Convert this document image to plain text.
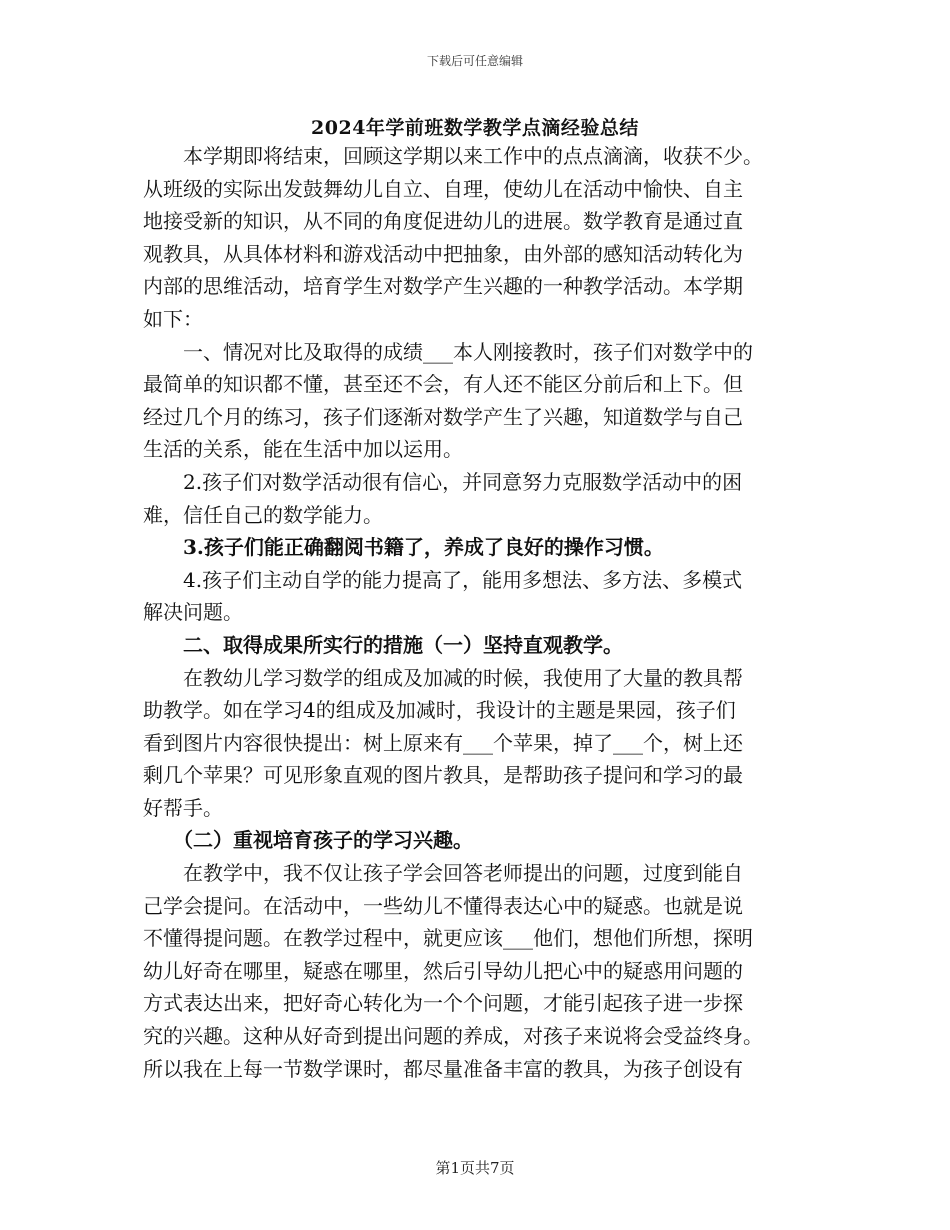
下载后可任意编辑
2024年学前班数学教学点滴经验总结
　　本学期即将结束，回顾这学期以来工作中的点点滴滴，收获不少。
从班级的实际出发鼓舞幼儿自立、自理，使幼儿在活动中愉快、自主
地接受新的知识，从不同的角度促进幼儿的进展。数学教育是通过直
观教具，从具体材料和游戏活动中把抽象，由外部的感知活动转化为
内部的思维活动，培育学生对数学产生兴趣的一种教学活动。本学期
如下：
　　一、情况对比及取得的成绩___本人刚接教时，孩子们对数学中的
最简单的知识都不懂，甚至还不会，有人还不能区分前后和上下。但
经过几个月的练习，孩子们逐渐对数学产生了兴趣，知道数学与自己
生活的关系，能在生活中加以运用。
　　2.孩子们对数学活动很有信心，并同意努力克服数学活动中的困
难，信任自己的数学能力。
　　3.孩子们能正确翻阅书籍了，养成了良好的操作习惯。
　　4.孩子们主动自学的能力提高了，能用多想法、多方法、多模式
解决问题。
　　二、取得成果所实行的措施（一）坚持直观教学。
　　在教幼儿学习数学的组成及加减的时候，我使用了大量的教具帮
助教学。如在学习4的组成及加减时，我设计的主题是果园，孩子们
看到图片内容很快提出：树上原来有___个苹果，掉了___个，树上还
剩几个苹果？可见形象直观的图片教具，是帮助孩子提问和学习的最
好帮手。
　　（二）重视培育孩子的学习兴趣。
　　在教学中，我不仅让孩子学会回答老师提出的问题，过度到能自
己学会提问。在活动中，一些幼儿不懂得表达心中的疑惑。也就是说
不懂得提问题。在教学过程中，就更应该___他们，想他们所想，探明
幼儿好奇在哪里，疑惑在哪里，然后引导幼儿把心中的疑惑用问题的
方式表达出来，把好奇心转化为一个个问题，才能引起孩子进一步探
究的兴趣。这种从好奇到提出问题的养成，对孩子来说将会受益终身。
所以我在上每一节数学课时，都尽量准备丰富的教具，为孩子创设有
第1页共7页
